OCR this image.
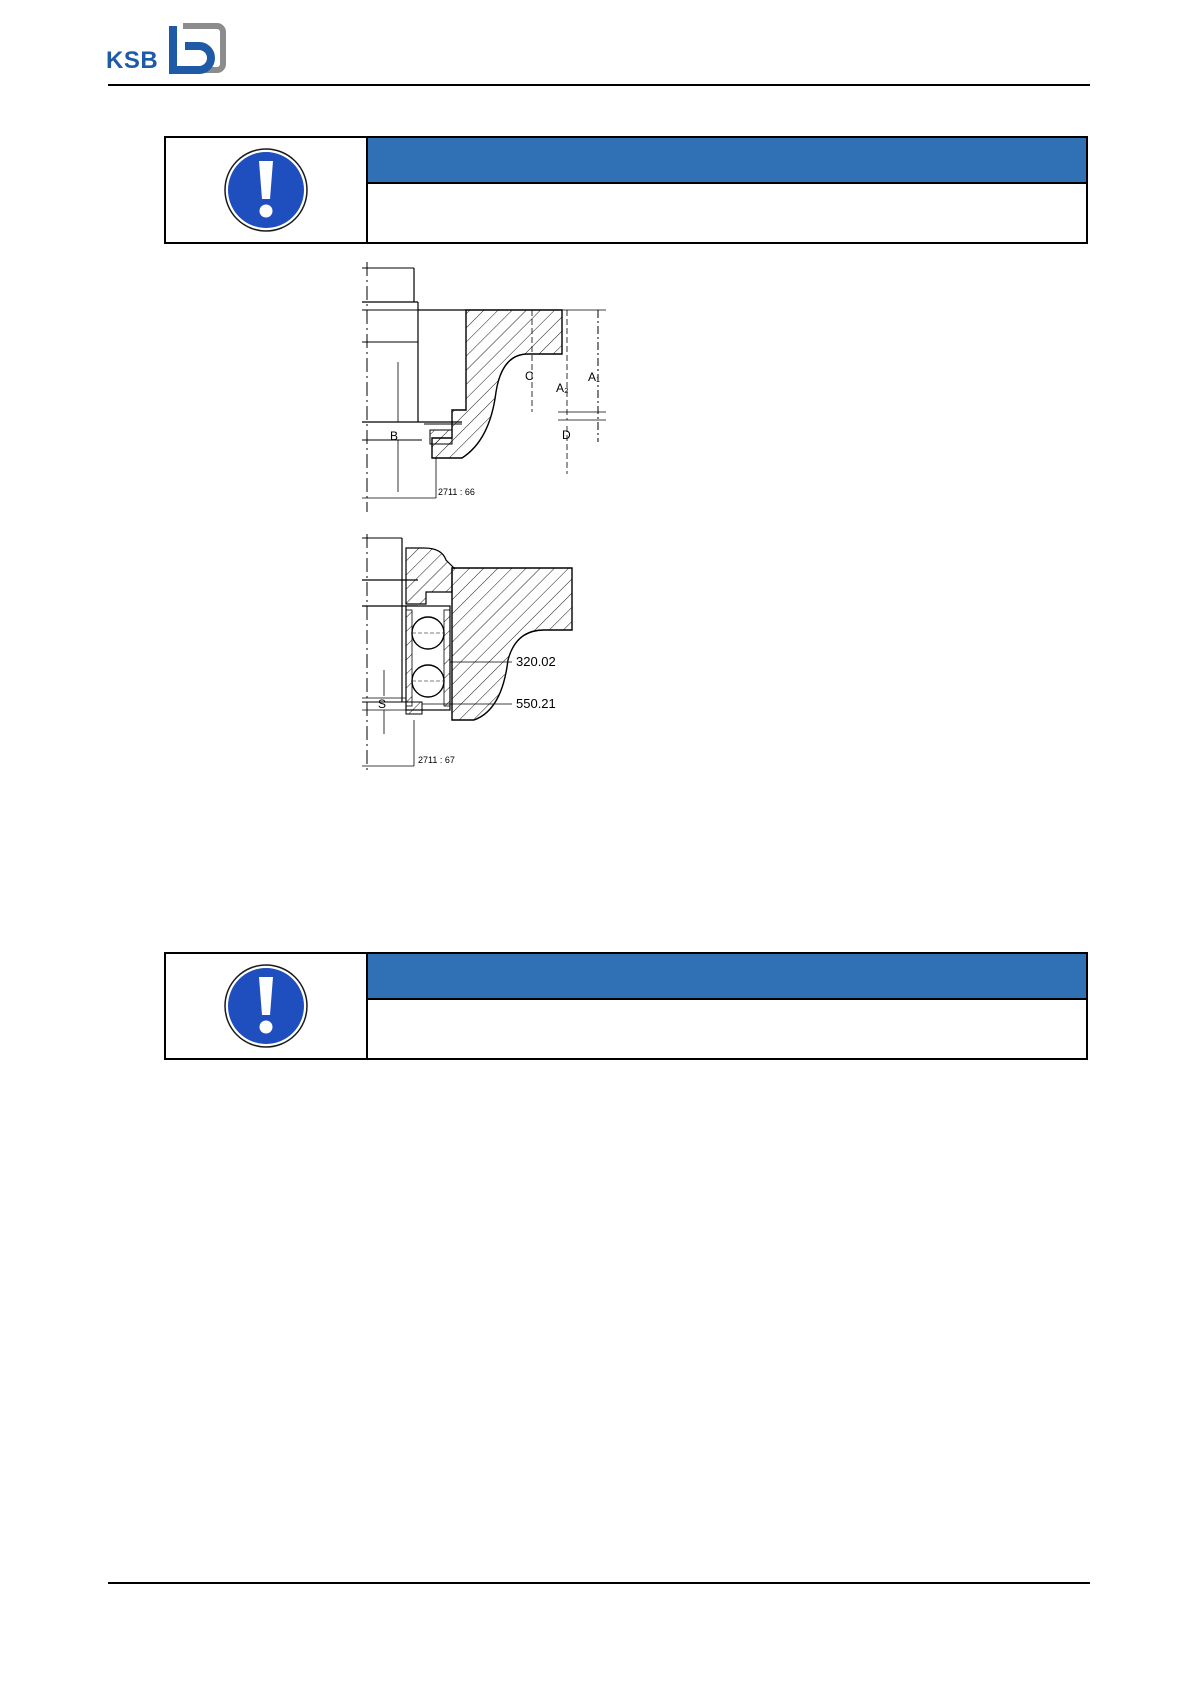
KSB
C
A₂
A₁
B	D
2711 : 66
S
320.02
550.21
2711 : 67
